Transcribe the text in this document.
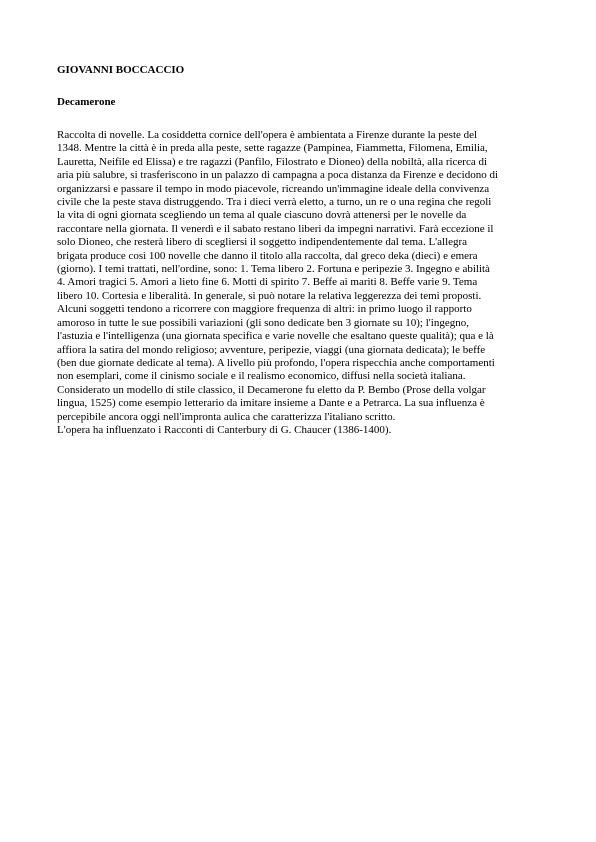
GIOVANNI BOCCACCIO

Decamerone

Raccolta di novelle. La cosiddetta cornice dell'opera è ambientata a Firenze durante la peste del
1348. Mentre la città è in preda alla peste, sette ragazze (Pampinea, Fiammetta, Filomena, Emilia,
Lauretta, Neifile ed Elissa) e tre ragazzi (Panfilo, Filostrato e Dioneo) della nobiltà, alla ricerca di
aria più salubre, si trasferiscono in un palazzo di campagna a poca distanza da Firenze e decidono di
organizzarsi e passare il tempo in modo piacevole, ricreando un'immagine ideale della convivenza
civile che la peste stava distruggendo. Tra i dieci verrà eletto, a turno, un re o una regina che regoli
la vita di ogni giornata scegliendo un tema al quale ciascuno dovrà attenersi per le novelle da
raccontare nella giornata. Il venerdì e il sabato restano liberi da impegni narrativi. Farà eccezione il
solo Dioneo, che resterà libero di sceglìersi il soggetto indipendentemente dal tema. L'allegra
brigata produce così 100 novelle che danno il titolo alla raccolta, dal greco deka (dieci) e emera
(giorno). I temi trattati, nell'ordine, sono: 1. Tema libero 2. Fortuna e peripezie 3. Ingegno e abilità
4. Amori tragici 5. Amori a lieto fine 6. Motti di spirito 7. Beffe ai mariti 8. Beffe varie 9. Tema
libero 10. Cortesia e liberalità. In generale, si può notare la relativa leggerezza dei temi proposti.
Alcuni soggetti tendono a ricorrere con maggiore frequenza di altri: in primo luogo il rapporto
amoroso in tutte le sue possibili variazioni (gli sono dedicate ben 3 giornate su 10); l'ingegno,
l'astuzia e l'intelligenza (una giornata specifica e varie novelle che esaltano queste qualità); qua e là
affiora la satira del mondo religioso; avventure, peripezie, viaggi (una giornata dedicata); le beffe
(ben due giornate dedicate al tema). A livello più profondo, l'opera rispecchia anche comportamenti
non esemplari, come il cinismo sociale e il realismo economico, diffusi nella società italiana.
Considerato un modello di stile classico, il Decamerone fu eletto da P. Bembo (Prose della volgar
lingua, 1525) come esempio letterario da imitare insieme a Dante e a Petrarca. La sua influenza è
percepibile ancora oggi nell'impronta aulica che caratterizza l'italiano scritto.
L'opera ha influenzato i Racconti di Canterbury di G. Chaucer (1386-1400).
